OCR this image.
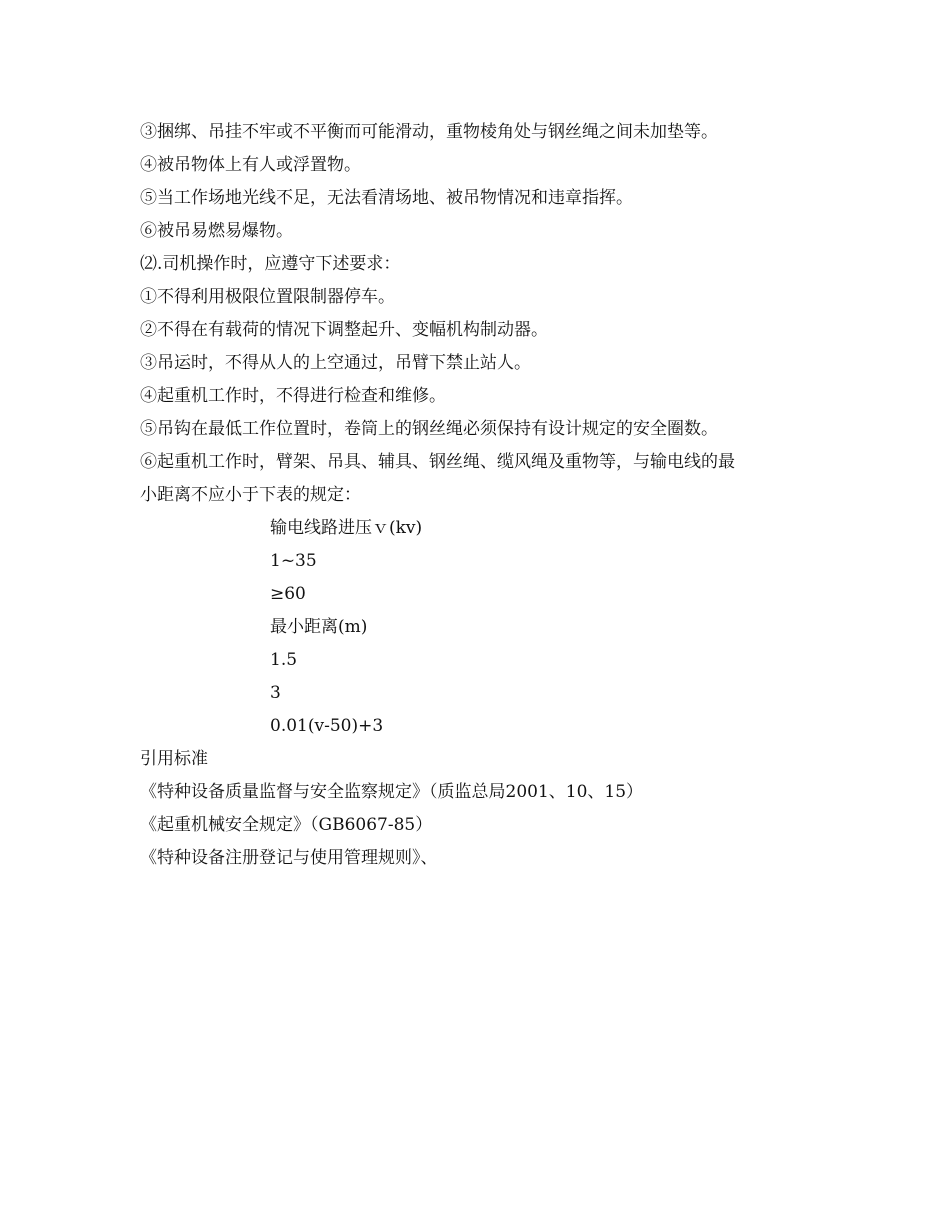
③捆绑、吊挂不牢或不平衡而可能滑动，重物棱角处与钢丝绳之间未加垫等。

④被吊物体上有人或浮置物。

⑤当工作场地光线不足，无法看清场地、被吊物情况和违章指挥。

⑥被吊易燃易爆物。

⑵.司机操作时，应遵守下述要求：

①不得利用极限位置限制器停车。

②不得在有载荷的情况下调整起升、变幅机构制动器。

③吊运时，不得从人的上空通过，吊臂下禁止站人。

④起重机工作时，不得进行检查和维修。

⑤吊钩在最低工作位置时，卷筒上的钢丝绳必须保持有设计规定的安全圈数。

⑥起重机工作时，臂架、吊具、辅具、钢丝绳、缆风绳及重物等，与输电线的最

小距离不应小于下表的规定：

输电线路进压ｖ(kv)

1~35

≥60

最小距离(m)

1.5

3

0.01(v-50)+3

引用标准

《特种设备质量监督与安全监察规定》（质监总局2001、10、15）

《起重机械安全规定》（GB6067-85）

《特种设备注册登记与使用管理规则》、
